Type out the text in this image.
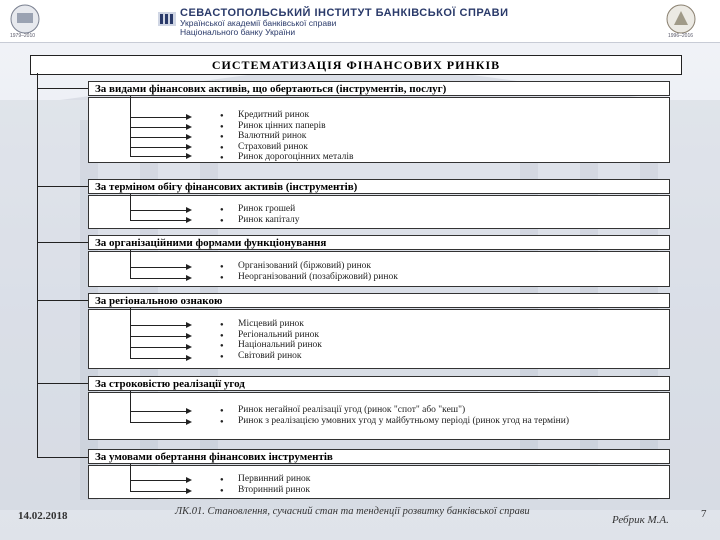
1979–2010
СЕВАСТОПОЛЬСЬКИЙ ІНСТИТУТ БАНКІВСЬКОЇ СПРАВИ
Української академії банківської справи
Національного банку України	1996–2016
СИСТЕМАТИЗАЦІЯ ФІНАНСОВИХ РИНКІВ
За видами фінансових активів, що обертаються (інструментів, послуг)
● Кредитний ринок
● Ринок цінних паперів
● Валютний ринок
● Страховий ринок
● Ринок дорогоцінних металів
За терміном обігу фінансових активів (інструментів)
● Ринок грошей
● Ринок капіталу
За організаційними формами функціонування
● Організований (біржовий) ринок
● Неорганізований (позабіржовий) ринок
За регіональною ознакою
● Місцевий ринок
● Регіональний ринок
● Національний ринок
● Світовий ринок
За строковістю реалізації угод
● Ринок негайної реалізації угод (ринок "спот" або "кеш")
● Ринок з реалізацією умовних угод у майбутньому періоді (ринок угод на терміни)
За умовами обертання фінансових інструментів
● Первинний ринок
● Вторинний ринок
14.02.2018	ЛК.01. Становлення, сучасний стан та тенденції розвитку банківської справи
Ребрик М.А.	7
